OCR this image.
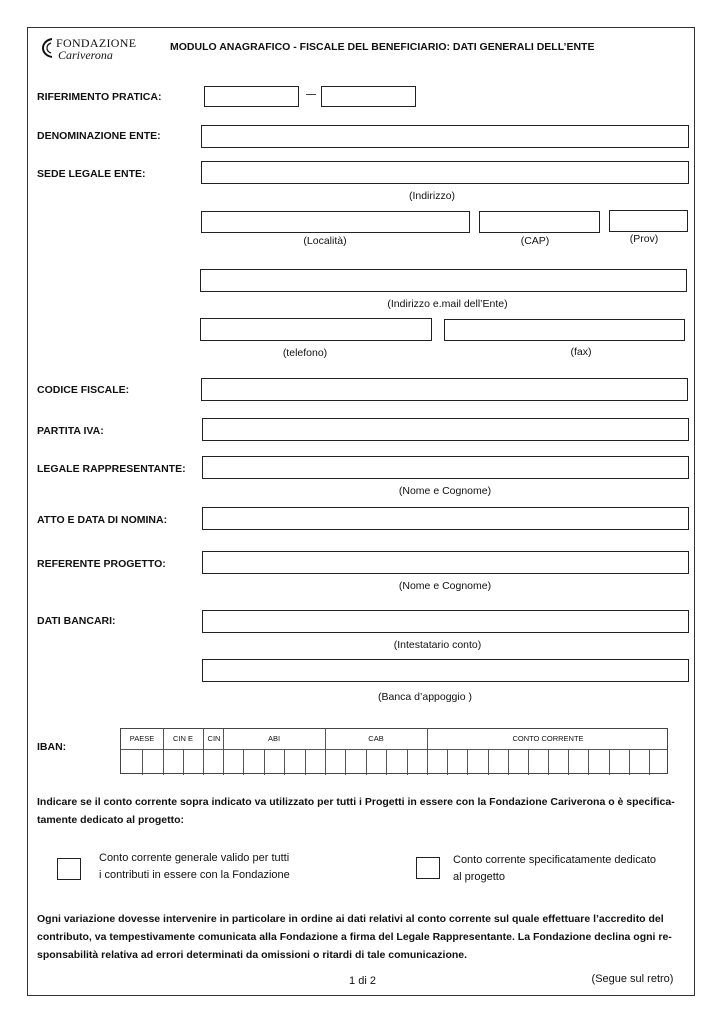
FONDAZIONE
Cariverona
MODULO ANAGRAFICO - FISCALE DEL BENEFICIARIO: DATI GENERALI DELL’ENTE
RIFERIMENTO PRATICA:
DENOMINAZIONE ENTE:
SEDE LEGALE ENTE:
(Indirizzo)
(Località)	(CAP)	(Prov)
(Indirizzo e.mail dell’Ente)
(telefono)	(fax)
CODICE FISCALE:
PARTITA IVA:
LEGALE RAPPRESENTANTE:
(Nome e Cognome)
ATTO E DATA DI NOMINA:
REFERENTE PROGETTO:
(Nome e Cognome)
DATI BANCARI:
(Intestatario conto)
(Banca d’appoggio )
IBAN:
PAESE	CIN E	CIN	ABI	CAB	CONTO CORRENTE
Indicare se il conto corrente sopra indicato va utilizzato per tutti i Progetti in essere con la Fondazione Cariverona o è specifica-
tamente dedicato al progetto:
Conto corrente generale valido per tutti
i contributi in essere con la Fondazione
Conto corrente specificatamente dedicato
al progetto
Ogni variazione dovesse intervenire in particolare in ordine ai dati relativi al conto corrente sul quale effettuare l’accredito del
contributo, va tempestivamente comunicata alla Fondazione a firma del Legale Rappresentante. La Fondazione declina ogni re-
sponsabilità relativa ad errori determinati da omissioni o ritardi di tale comunicazione.
1 di 2	(Segue sul retro)
